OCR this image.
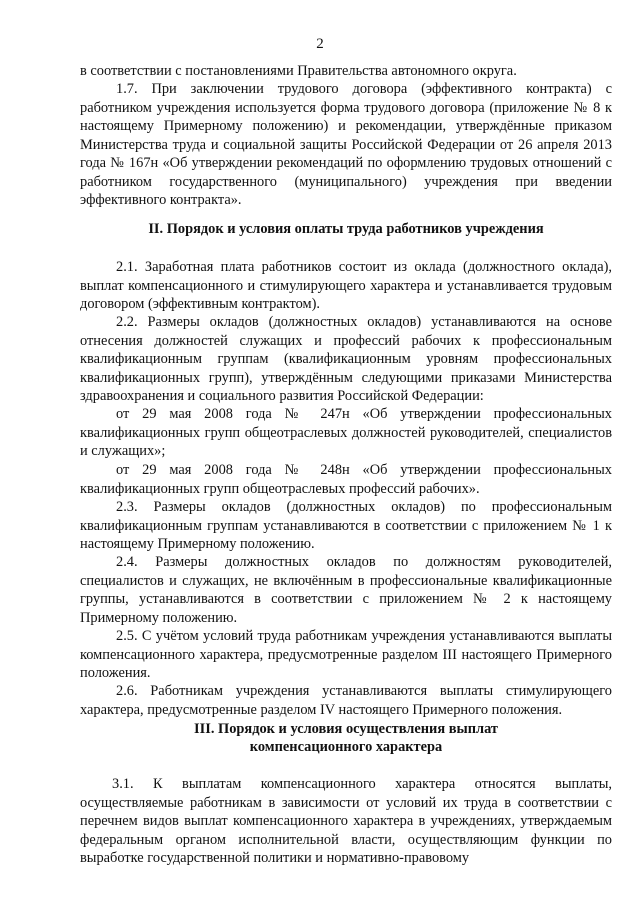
2
в соответствии с постановлениями Правительства автономного округа.
1.7. При заключении трудового договора (эффективного контракта) с работником учреждения используется форма трудового договора (приложение № 8 к настоящему Примерному положению) и рекомендации, утверждённые приказом Министерства труда и социальной защиты Российской Федерации от 26 апреля 2013 года № 167н «Об утверждении рекомендаций по оформлению трудовых отношений с работником государственного (муниципального) учреждения при введении эффективного контракта».
II. Порядок и условия оплаты труда работников учреждения
2.1. Заработная плата работников состоит из оклада (должностного оклада), выплат компенсационного и стимулирующего характера и устанавливается трудовым договором (эффективным контрактом).
2.2. Размеры окладов (должностных окладов) устанавливаются на основе отнесения должностей служащих и профессий рабочих к профессиональным квалификационным группам (квалификационным уровням профессиональных квалификационных групп), утверждённым следующими приказами Министерства здравоохранения и социального развития Российской Федерации:
от 29 мая 2008 года № 247н «Об утверждении профессиональных квалификационных групп общеотраслевых должностей руководителей, специалистов и служащих»;
от 29 мая 2008 года № 248н «Об утверждении профессиональных квалификационных групп общеотраслевых профессий рабочих».
2.3. Размеры окладов (должностных окладов) по профессиональным квалификационным группам устанавливаются в соответствии с приложением № 1 к настоящему Примерному положению.
2.4. Размеры должностных окладов по должностям руководителей, специалистов и служащих, не включённым в профессиональные квалификационные группы, устанавливаются в соответствии с приложением № 2 к настоящему Примерному положению.
2.5. С учётом условий труда работникам учреждения устанавливаются выплаты компенсационного характера, предусмотренные разделом III настоящего Примерного положения.
2.6. Работникам учреждения устанавливаются выплаты стимулирующего характера, предусмотренные разделом IV настоящего Примерного положения.
III. Порядок и условия осуществления выплат
компенсационного характера
3.1. К выплатам компенсационного характера относятся выплаты, осуществляемые работникам в зависимости от условий их труда в соответствии с перечнем видов выплат компенсационного характера в учреждениях, утверждаемым федеральным органом исполнительной власти, осуществляющим функции по выработке государственной политики и нормативно-правовому
